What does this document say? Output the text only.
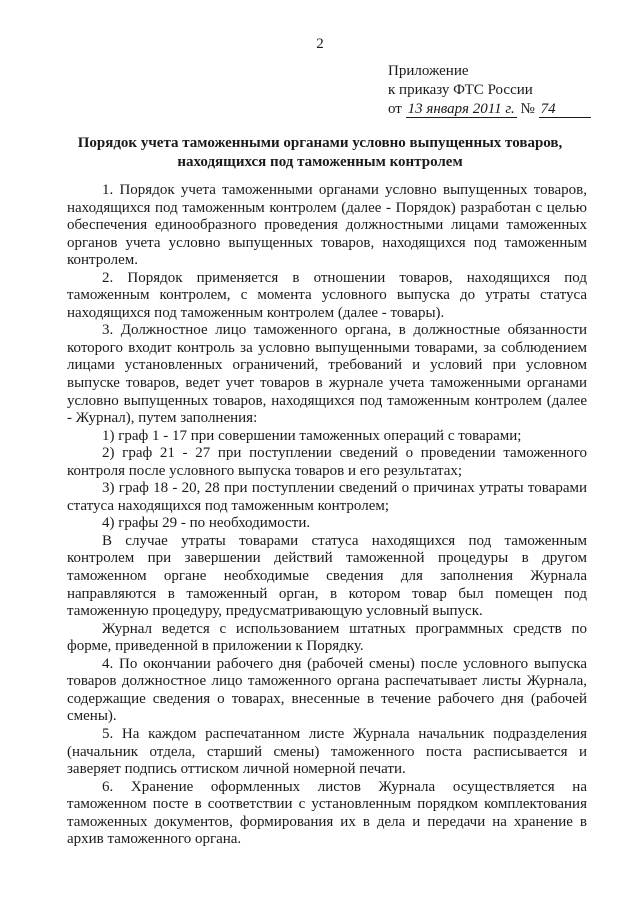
2
Приложение
к приказу ФТС России
от 13 января 2011 г. № 74
Порядок учета таможенными органами условно выпущенных товаров, находящихся под таможенным контролем

1. Порядок учета таможенными органами условно выпущенных товаров, находящихся под таможенным контролем (далее - Порядок) разработан с целью обеспечения единообразного проведения должностными лицами таможенных органов учета условно выпущенных товаров, находящихся под таможенным контролем.

2. Порядок применяется в отношении товаров, находящихся под таможенным контролем, с момента условного выпуска до утраты статуса находящихся под таможенным контролем (далее - товары).

3. Должностное лицо таможенного органа, в должностные обязанности которого входит контроль за условно выпущенными товарами, за соблюдением лицами установленных ограничений, требований и условий при условном выпуске товаров, ведет учет товаров в журнале учета таможенными органами условно выпущенных товаров, находящихся под таможенным контролем (далее - Журнал), путем заполнения:

1) граф 1 - 17 при совершении таможенных операций с товарами;

2) граф 21 - 27 при поступлении сведений о проведении таможенного контроля после условного выпуска товаров и его результатах;

3) граф 18 - 20, 28 при поступлении сведений о причинах утраты товарами статуса находящихся под таможенным контролем;

4) графы 29 - по необходимости.

В случае утраты товарами статуса находящихся под таможенным контролем при завершении действий таможенной процедуры в другом таможенном органе необходимые сведения для заполнения Журнала направляются в таможенный орган, в котором товар был помещен под таможенную процедуру, предусматривающую условный выпуск.

Журнал ведется с использованием штатных программных средств по форме, приведенной в приложении к Порядку.

4. По окончании рабочего дня (рабочей смены) после условного выпуска товаров должностное лицо таможенного органа распечатывает листы Журнала, содержащие сведения о товарах, внесенные в течение рабочего дня (рабочей смены).

5. На каждом распечатанном листе Журнала начальник подразделения (начальник отдела, старший смены) таможенного поста расписывается и заверяет подпись оттиском личной номерной печати.

6. Хранение оформленных листов Журнала осуществляется на таможенном посте в соответствии с установленным порядком комплектования таможенных документов, формирования их в дела и передачи на хранение в архив таможенного органа.
